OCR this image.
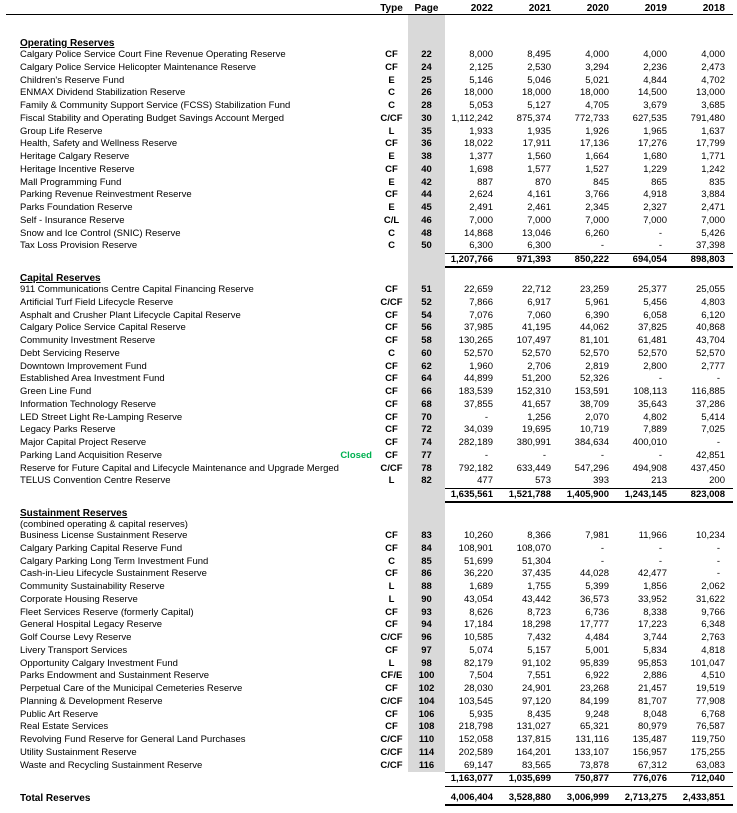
Type	Page	2022	2021	2020	2019	2018
Operating Reserves
Calgary Police Service Court Fine Revenue Operating Reserve	CF	22	8,000	8,495	4,000	4,000	4,000
Calgary Police Service Helicopter Maintenance Reserve	CF	24	2,125	2,530	3,294	2,236	2,473
Children's Reserve Fund	E	25	5,146	5,046	5,021	4,844	4,702
ENMAX Dividend Stabilization Reserve	C	26	18,000	18,000	18,000	14,500	13,000
Family & Community Support Service (FCSS) Stabilization Fund	C	28	5,053	5,127	4,705	3,679	3,685
Fiscal Stability and Operating Budget Savings Account Merged	C/CF	30	1,112,242	875,374	772,733	627,535	791,480
Group Life Reserve	L	35	1,933	1,935	1,926	1,965	1,637
Health, Safety and Wellness Reserve	CF	36	18,022	17,911	17,136	17,276	17,799
Heritage Calgary Reserve	E	38	1,377	1,560	1,664	1,680	1,771
Heritage Incentive Reserve	CF	40	1,698	1,577	1,527	1,229	1,242
Mall Programming Fund	E	42	887	870	845	865	835
Parking Revenue Reinvestment Reserve	CF	44	2,624	4,161	3,766	4,918	3,884
Parks Foundation Reserve	E	45	2,491	2,461	2,345	2,327	2,471
Self - Insurance Reserve	C/L	46	7,000	7,000	7,000	7,000	7,000
Snow and Ice Control (SNIC) Reserve	C	48	14,868	13,046	6,260	-	5,426
Tax Loss Provision Reserve	C	50	6,300	6,300	-	-	37,398
1,207,766	971,393	850,222	694,054	898,803
Capital Reserves
911 Communications Centre Capital Financing Reserve	CF	51	22,659	22,712	23,259	25,377	25,055
Artificial Turf Field Lifecycle Reserve	C/CF	52	7,866	6,917	5,961	5,456	4,803
Asphalt and Crusher Plant Lifecycle Capital Reserve	CF	54	7,076	7,060	6,390	6,058	6,120
Calgary Police Service Capital Reserve	CF	56	37,985	41,195	44,062	37,825	40,868
Community Investment Reserve	CF	58	130,265	107,497	81,101	61,481	43,704
Debt Servicing Reserve	C	60	52,570	52,570	52,570	52,570	52,570
Downtown Improvement Fund	CF	62	1,960	2,706	2,819	2,800	2,777
Established Area Investment Fund	CF	64	44,899	51,200	52,326	-	-
Green Line Fund	CF	66	183,539	152,310	153,591	108,113	116,885
Information Technology Reserve	CF	68	37,855	41,657	38,709	35,643	37,286
LED Street Light Re-Lamping Reserve	CF	70	-	1,256	2,070	4,802	5,414
Legacy Parks Reserve	CF	72	34,039	19,695	10,719	7,889	7,025
Major Capital Project Reserve	CF	74	282,189	380,991	384,634	400,010	-
Parking Land Acquisition Reserve	Closed	CF	77	-	-	-	-	42,851
Reserve for Future Capital and Lifecycle Maintenance and Upgrade Merged	C/CF	78	792,182	633,449	547,296	494,908	437,450
TELUS Convention Centre Reserve	L	82	477	573	393	213	200
1,635,561	1,521,788	1,405,900	1,243,145	823,008
Sustainment Reserves
(combined operating & capital reserves)
Business License Sustainment Reserve	CF	83	10,260	8,366	7,981	11,966	10,234
Calgary Parking Capital Reserve Fund	CF	84	108,901	108,070	-	-	-
Calgary Parking Long Term Investment Fund	C	85	51,699	51,304	-	-	-
Cash-in-Lieu Lifecycle Sustainment Reserve	CF	86	36,220	37,435	44,028	42,477	-
Community Sustainability Reserve	L	88	1,689	1,755	5,399	1,856	2,062
Corporate Housing Reserve	L	90	43,054	43,442	36,573	33,952	31,622
Fleet Services Reserve (formerly Capital)	CF	93	8,626	8,723	6,736	8,338	9,766
General Hospital Legacy Reserve	CF	94	17,184	18,298	17,777	17,223	6,348
Golf Course Levy Reserve	C/CF	96	10,585	7,432	4,484	3,744	2,763
Livery Transport Services	CF	97	5,074	5,157	5,001	5,834	4,818
Opportunity Calgary Investment Fund	L	98	82,179	91,102	95,839	95,853	101,047
Parks Endowment and Sustainment Reserve	CF/E	100	7,504	7,551	6,922	2,886	4,510
Perpetual Care of the Municipal Cemeteries Reserve	CF	102	28,030	24,901	23,268	21,457	19,519
Planning & Development Reserve	C/CF	104	103,545	97,120	84,199	81,707	77,908
Public Art Reserve	CF	106	5,935	8,435	9,248	8,048	6,768
Real Estate Services	CF	108	218,798	131,027	65,321	80,979	76,587
Revolving Fund Reserve for General Land Purchases	C/CF	110	152,058	137,815	131,116	135,487	119,750
Utility Sustainment Reserve	C/CF	114	202,589	164,201	133,107	156,957	175,255
Waste and Recycling Sustainment Reserve	C/CF	116	69,147	83,565	73,878	67,312	63,083
1,163,077	1,035,699	750,877	776,076	712,040
Total Reserves	4,006,404	3,528,880	3,006,999	2,713,275	2,433,851
